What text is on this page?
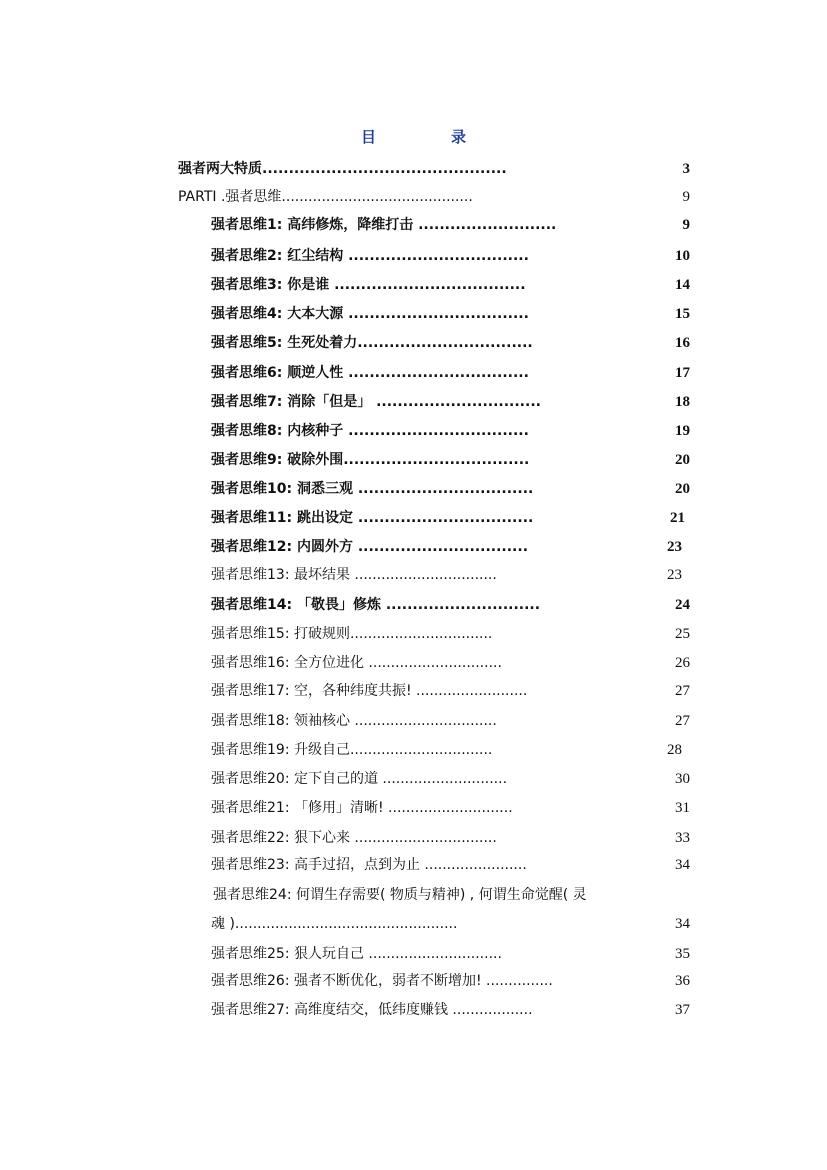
目　录
强者两大特质..............................................	3
PARTI .强者思维...........................................	9
强者思维1: 高纬修炼，降维打击 ..........................	9
强者思维2: 红尘结构 ..................................	10
强者思维3: 你是谁 ....................................	14
强者思维4: 大本大源 ..................................	15
强者思维5: 生死处着力.................................	16
强者思维6: 顺逆人性 ..................................	17
强者思维7: 消除「但是」 ...............................	18
强者思维8: 内核种子 ..................................	19
强者思维9: 破除外围...................................	20
强者思维10: 洞悉三观 .................................	20
强者思维11: 跳出设定 .................................	21
强者思维12: 内圆外方 ................................	23
强者思维13: 最坏结果 ................................	23
强者思维14: 「敬畏」修炼 .............................	24
强者思维15: 打破规则................................	25
强者思维16: 全方位进化 ..............................	26
强者思维17: 空，各种纬度共振! .........................	27
强者思维18: 领袖核心 ................................	27
强者思维19: 升级自己................................	28
强者思维20: 定下自己的道 ............................	30
强者思维21: 「修用」清晰! ............................	31
强者思维22: 狠下心来 ................................	33
强者思维23: 高手过招，点到为止 .......................	34
强者思维24: 何谓生存需要( 物质与精神) , 何谓生命觉醒( 灵
魂 )..................................................	34
强者思维25: 狠人玩自己 ..............................	35
强者思维26: 强者不断优化，弱者不断增加! ...............	36
强者思维27: 高维度结交，低纬度赚钱 ..................	37
